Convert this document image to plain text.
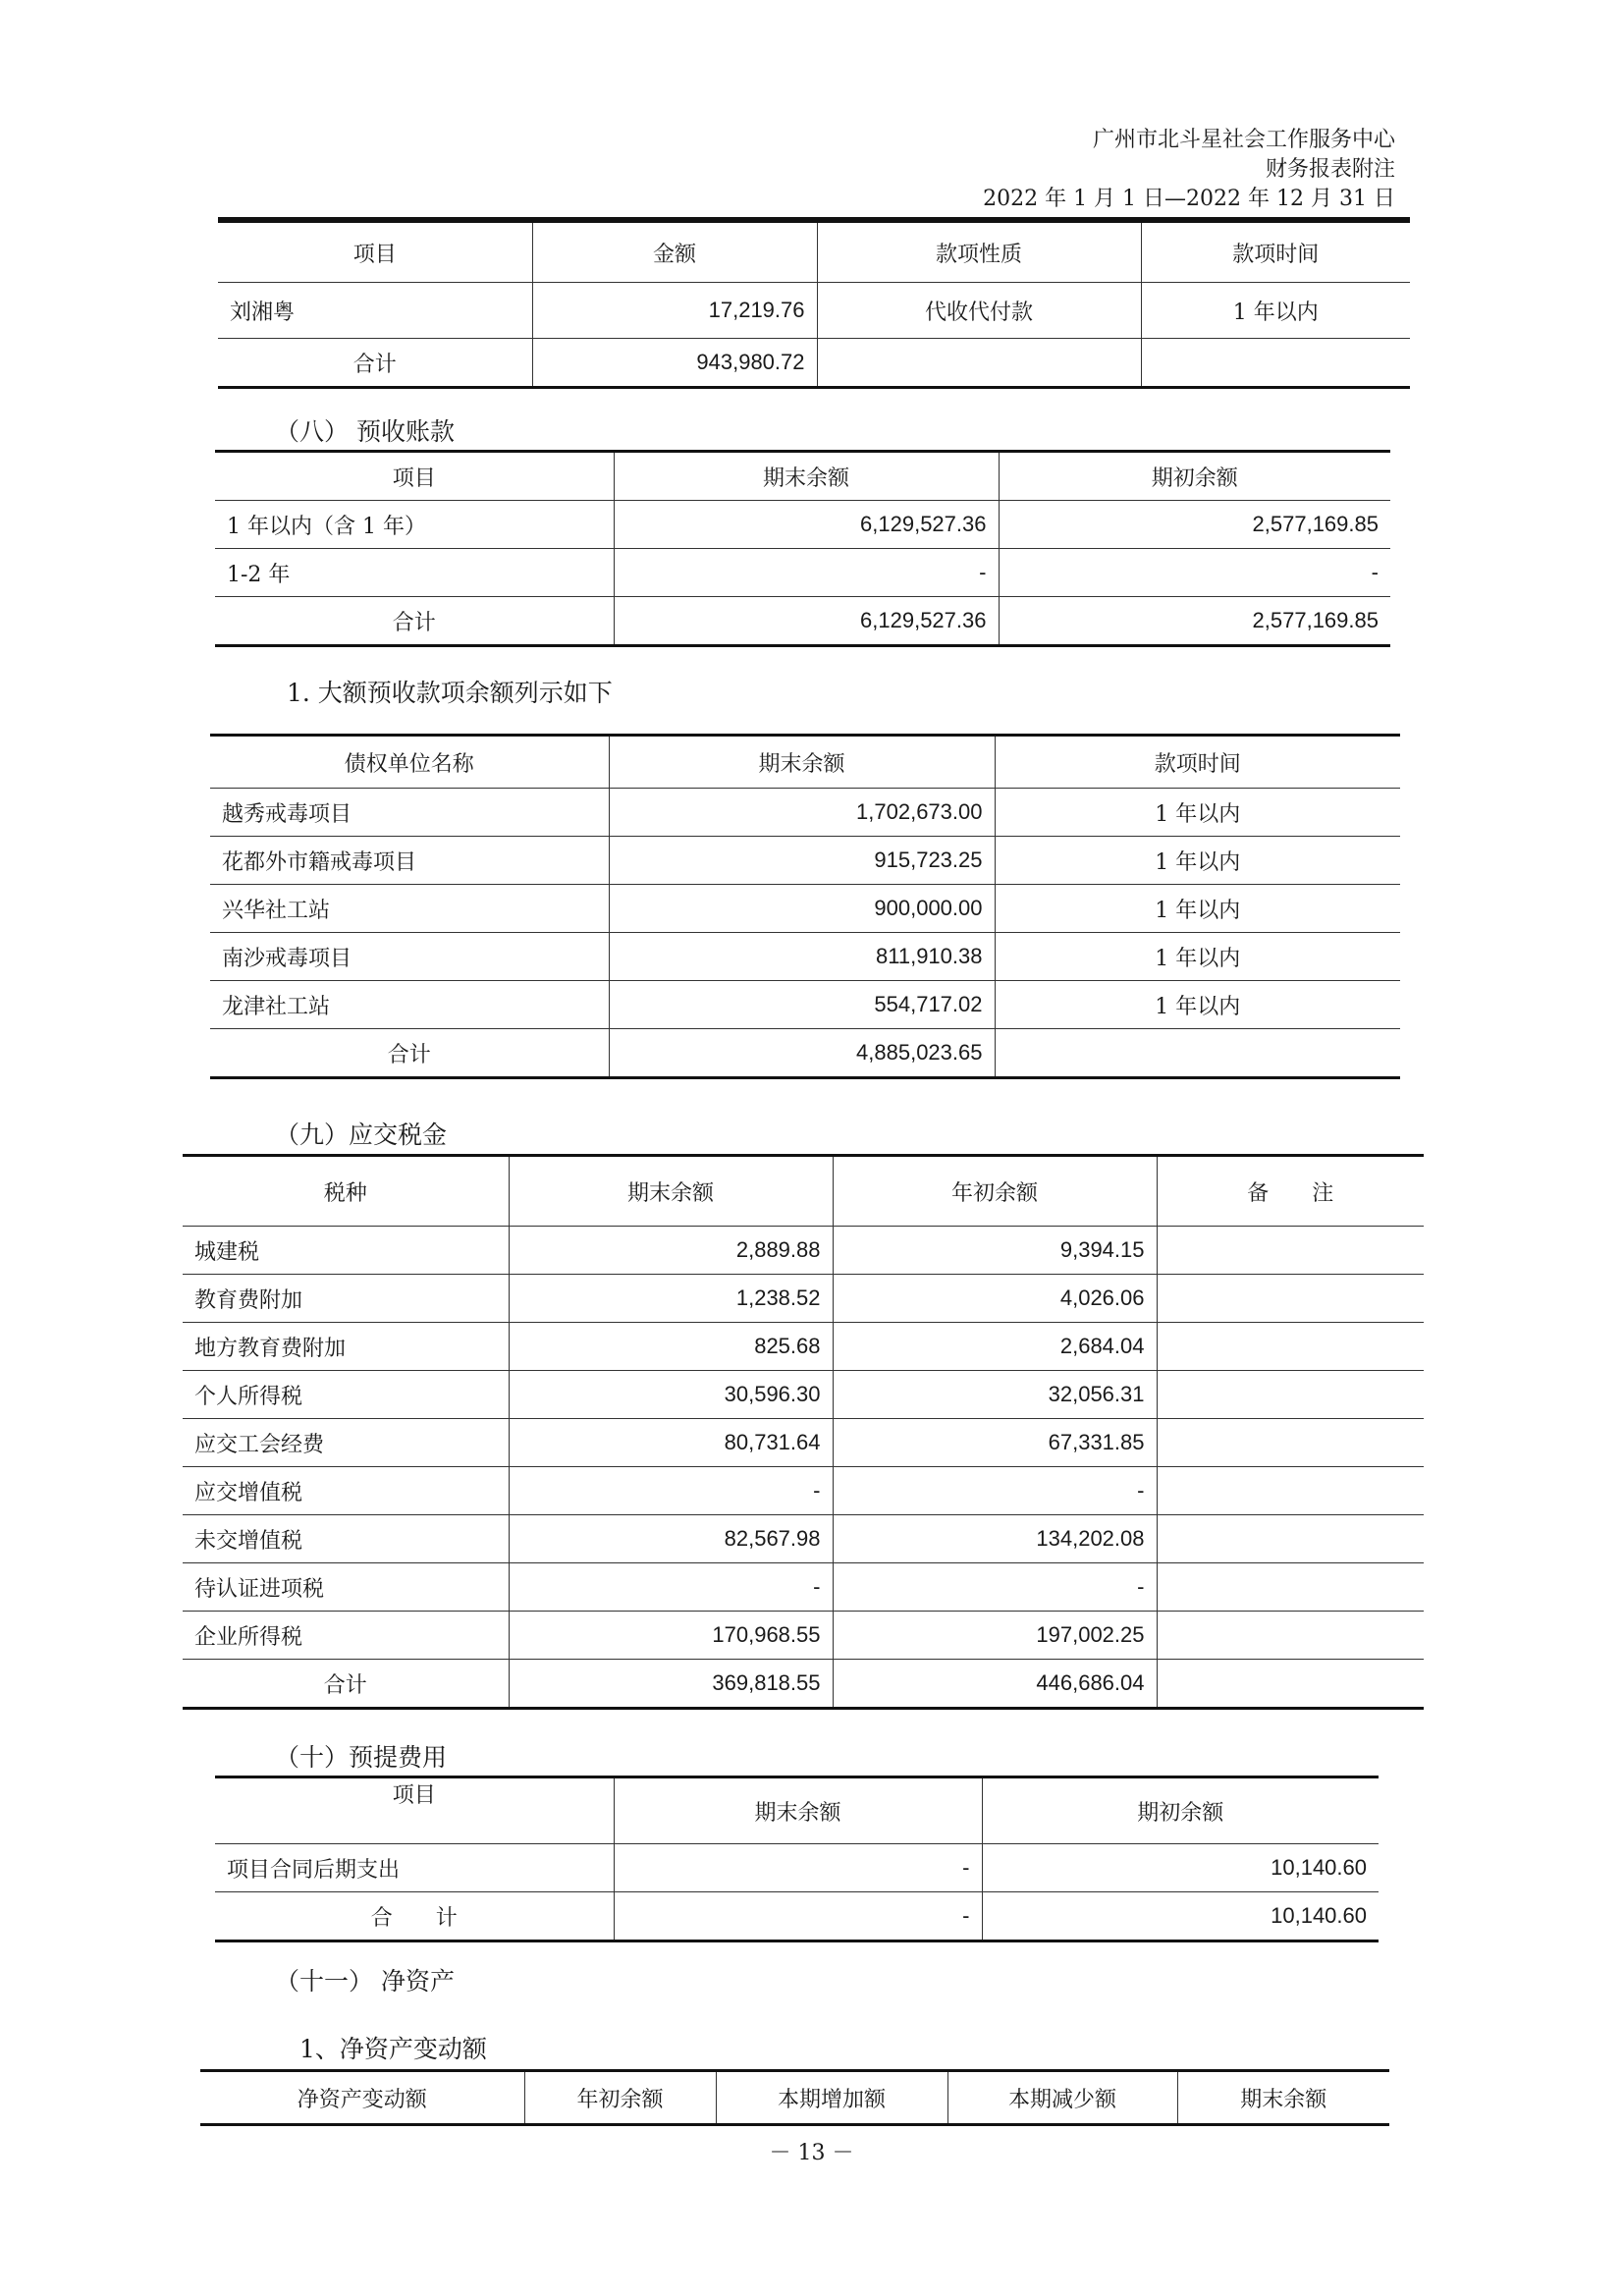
广州市北斗星社会工作服务中心
财务报表附注
2022 年 1 月 1 日—2022 年 12 月 31 日
项目	金额	款项性质	款项时间
刘湘粤	17,219.76	代收代付款	1 年以内
合计	943,980.72		
（八） 预收账款
项目	期末余额	期初余额
1 年以内（含 1 年）	6,129,527.36	2,577,169.85
1-2 年	-	-
合计	6,129,527.36	2,577,169.85
1. 大额预收款项余额列示如下
债权单位名称	期末余额	款项时间
越秀戒毒项目	1,702,673.00	1 年以内
花都外市籍戒毒项目	915,723.25	1 年以内
兴华社工站	900,000.00	1 年以内
南沙戒毒项目	811,910.38	1 年以内
龙津社工站	554,717.02	1 年以内
合计	4,885,023.65	
（九）应交税金
税种	期末余额	年初余额	备　　注
城建税	2,889.88	9,394.15	
教育费附加	1,238.52	4,026.06	
地方教育费附加	825.68	2,684.04	
个人所得税	30,596.30	32,056.31	
应交工会经费	80,731.64	67,331.85	
应交增值税	-	-	
未交增值税	82,567.98	134,202.08	
待认证进项税	-	-	
企业所得税	170,968.55	197,002.25	
合计	369,818.55	446,686.04	
（十）预提费用
项目	期末余额	期初余额
项目合同后期支出	-	10,140.60
合　　计	-	10,140.60
（十一） 净资产
1、净资产变动额
净资产变动额	年初余额	本期增加额	本期减少额	期末余额
－ 13 －
